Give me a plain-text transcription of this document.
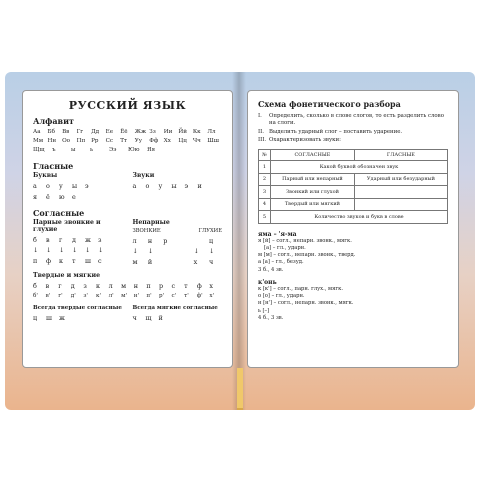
РУССКИЙ ЯЗЫК
Алфавит
Аа	Бб	Вв	Гг	Дд	Ее	Ёё	Жж Зз	Ии	Йй	Кк	Лл
Мм Нн	Оо	Пп	Рр	Сс	Тт	Уу	Фф Хх	Цц	Чч	Шш
Щщ	ъ	ы	ь	Ээ	Юю	Яя
Гласные
Буквы
а	о	у	ы	э
я	ё	ю	е
Звуки
а	о	у	ы	э	и
Согласные
Парные звонкие и глухие
б	в	г	д	ж	з
↓	↓	↓	↓	↓	↓
п	ф	к	т	ш	с
Непарные
ЗВОНКИЕ	ГЛУХИЕ
л	н	р	ц
↓	↓	↓	↓
м	й	х	ч
Твердые и мягкие
б	в	г	д	з	к	л	м	н	п	р	с	т	ф	х
б'	в'	г'	д'	з'	к'	л'	м'	н'	п'	р'	с'	т'	ф'	х'
Всегда твердые согласные
ц	ш	ж
Всегда мягкие согласные
ч	щ	й
Схема фонетического разбора
I.	Определить, сколько в слове слогов, то есть разделить слово на слоги.
II. Выделить ударный слог – поставить ударение.
III. Охарактеризовать звуки:
№	СОГЛАСНЫЕ	ГЛАСНЫЕ
1	Какой буквой обозначен звук	
2	Парный или непарный	Ударный или безударный
3	Звонкий или глухой	
4	Твердый или мягкий	
5	Количество звуков и букв в слове	
яма – 'я-ма
я [й] – согл., непарн. звонк., мягк.
[а] – гл., ударн.
м [м] – согл., непарн. звонк., тверд.
а [а] – гл., безуд.
3 б., 4 зв.
к'онь
к [к'] – согл., парн. глух., мягк.
о [о] – гл., ударн.
н [н'] – согл., непарн. звонк., мягк.
ь [–]
4 б., 3 зв.
